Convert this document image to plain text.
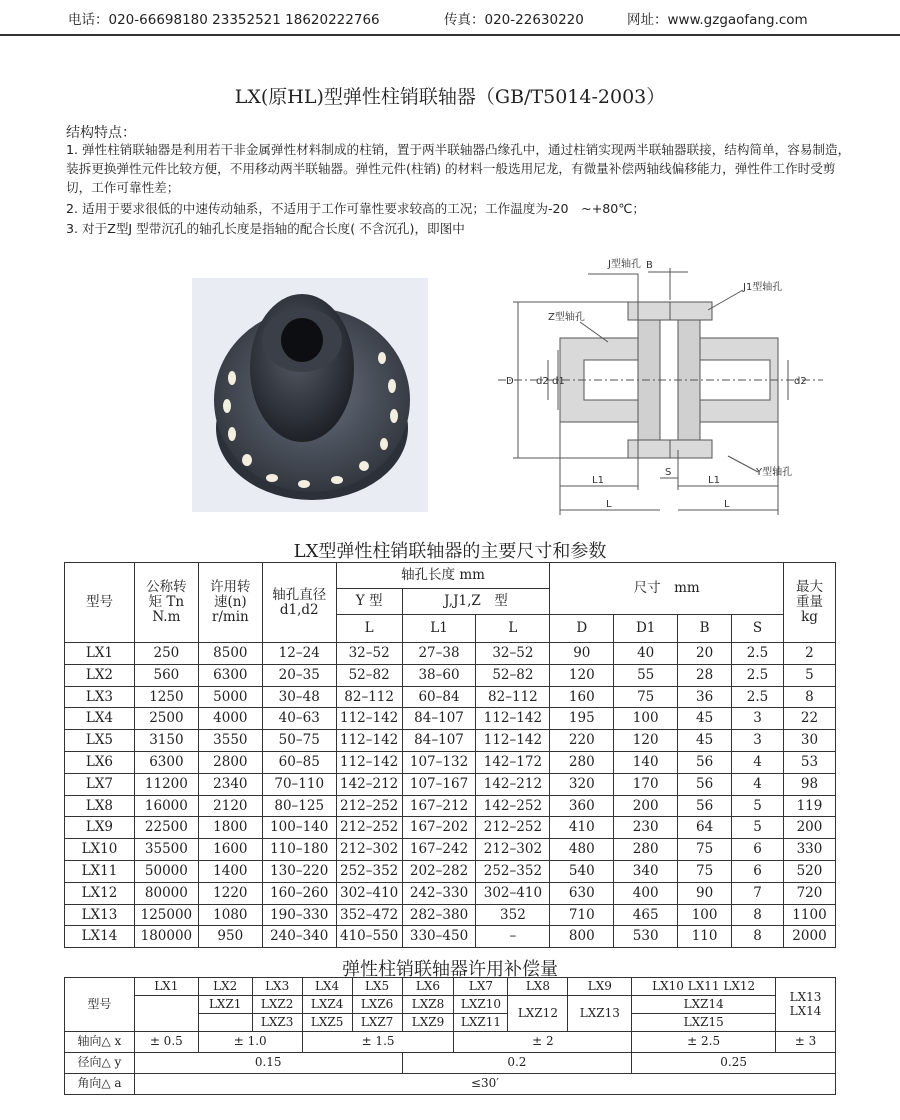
电话：020-66698180 23352521 18620222766	传真：020-22630220	网址：www.gzgaofang.com
LX(原HL)型弹性柱销联轴器（GB/T5014-2003）
结构特点：
1. 弹性柱销联轴器是利用若干非金属弹性材料制成的柱销，置于两半联轴器凸缘孔中，通过柱销实现两半联轴器联接，结构简单，容易制造，装拆更换弹性元件比较方便，不用移动两半联轴器。弹性元件(柱销) 的材料一般选用尼龙，有微量补偿两轴线偏移能力，弹性件工作时受剪切，工作可靠性差；
2. 适用于要求很低的中速传动轴系，不适用于工作可靠性要求较高的工况；工作温度为-20　~+80℃；
3. 对于Z型J 型带沉孔的轴孔长度是指轴的配合长度( 不含沉孔)，即图中
J型轴孔 B
Z型轴孔
J1型轴孔
D d2 d1	d2
Y型轴孔
L1	L1
S
L	L
LX型弹性柱销联轴器的主要尺寸和参数
型号	公称转
矩 Tn
N.m	许用转
速(n)
r/min	轴孔直径
d1,d2	轴孔长度 mm			尺寸　mm				最大
重量
kg
				Y 型	J,J1,Z　型						
				L	L1	L	D	D1	B	S	
LX1	250	8500	12–24	32–52	27–38	32–52	90	40	20	2.5	2
LX2	560	6300	20–35	52–82	38–60	52–82	120	55	28	2.5	5
LX3	1250	5000	30–48	82–112	60–84	82–112	160	75	36	2.5	8
LX4	2500	4000	40–63	112–142	84–107	112–142	195	100	45	3	22
LX5	3150	3550	50–75	112–142	84–107	112–142	220	120	45	3	30
LX6	6300	2800	60–85	112–142	107–132	142–172	280	140	56	4	53
LX7	11200	2340	70–110	142–212	107–167	142–212	320	170	56	4	98
LX8	16000	2120	80–125	212–252	167–212	142–252	360	200	56	5	119
LX9	22500	1800	100–140	212–252	167–202	212–252	410	230	64	5	200
LX10	35500	1600	110–180	212–302	167–242	212–302	480	280	75	6	330
LX11	50000	1400	130–220	252–352	202–282	252–352	540	340	75	6	520
LX12	80000	1220	160–260	302–410	242–330	302–410	630	400	90	7	720
LX13	125000	1080	190–330	352–472	282–380	352	710	465	100	8	1100
LX14	180000	950	240–340	410–550	330–450	–	800	530	110	8	2000
弹性柱销联轴器许用补偿量
型号	LX1	LX2	LX3	LX4	LX5	LX6	LX7	LX8	LX9	LX10 LX11 LX12	LX13
LX14
		LXZ1	LXZ2	LXZ4	LXZ6	LXZ8	LXZ10	LXZ12	LXZ13	LXZ14	
			LXZ3	LXZ5	LXZ7	LXZ9	LXZ11			LXZ15	
轴向△ x	± 0.5	± 1.0		± 1.5			± 2			± 2.5	± 3
径向△ y	0.15					0.2				0.25	
角向△ a	≤30′										
